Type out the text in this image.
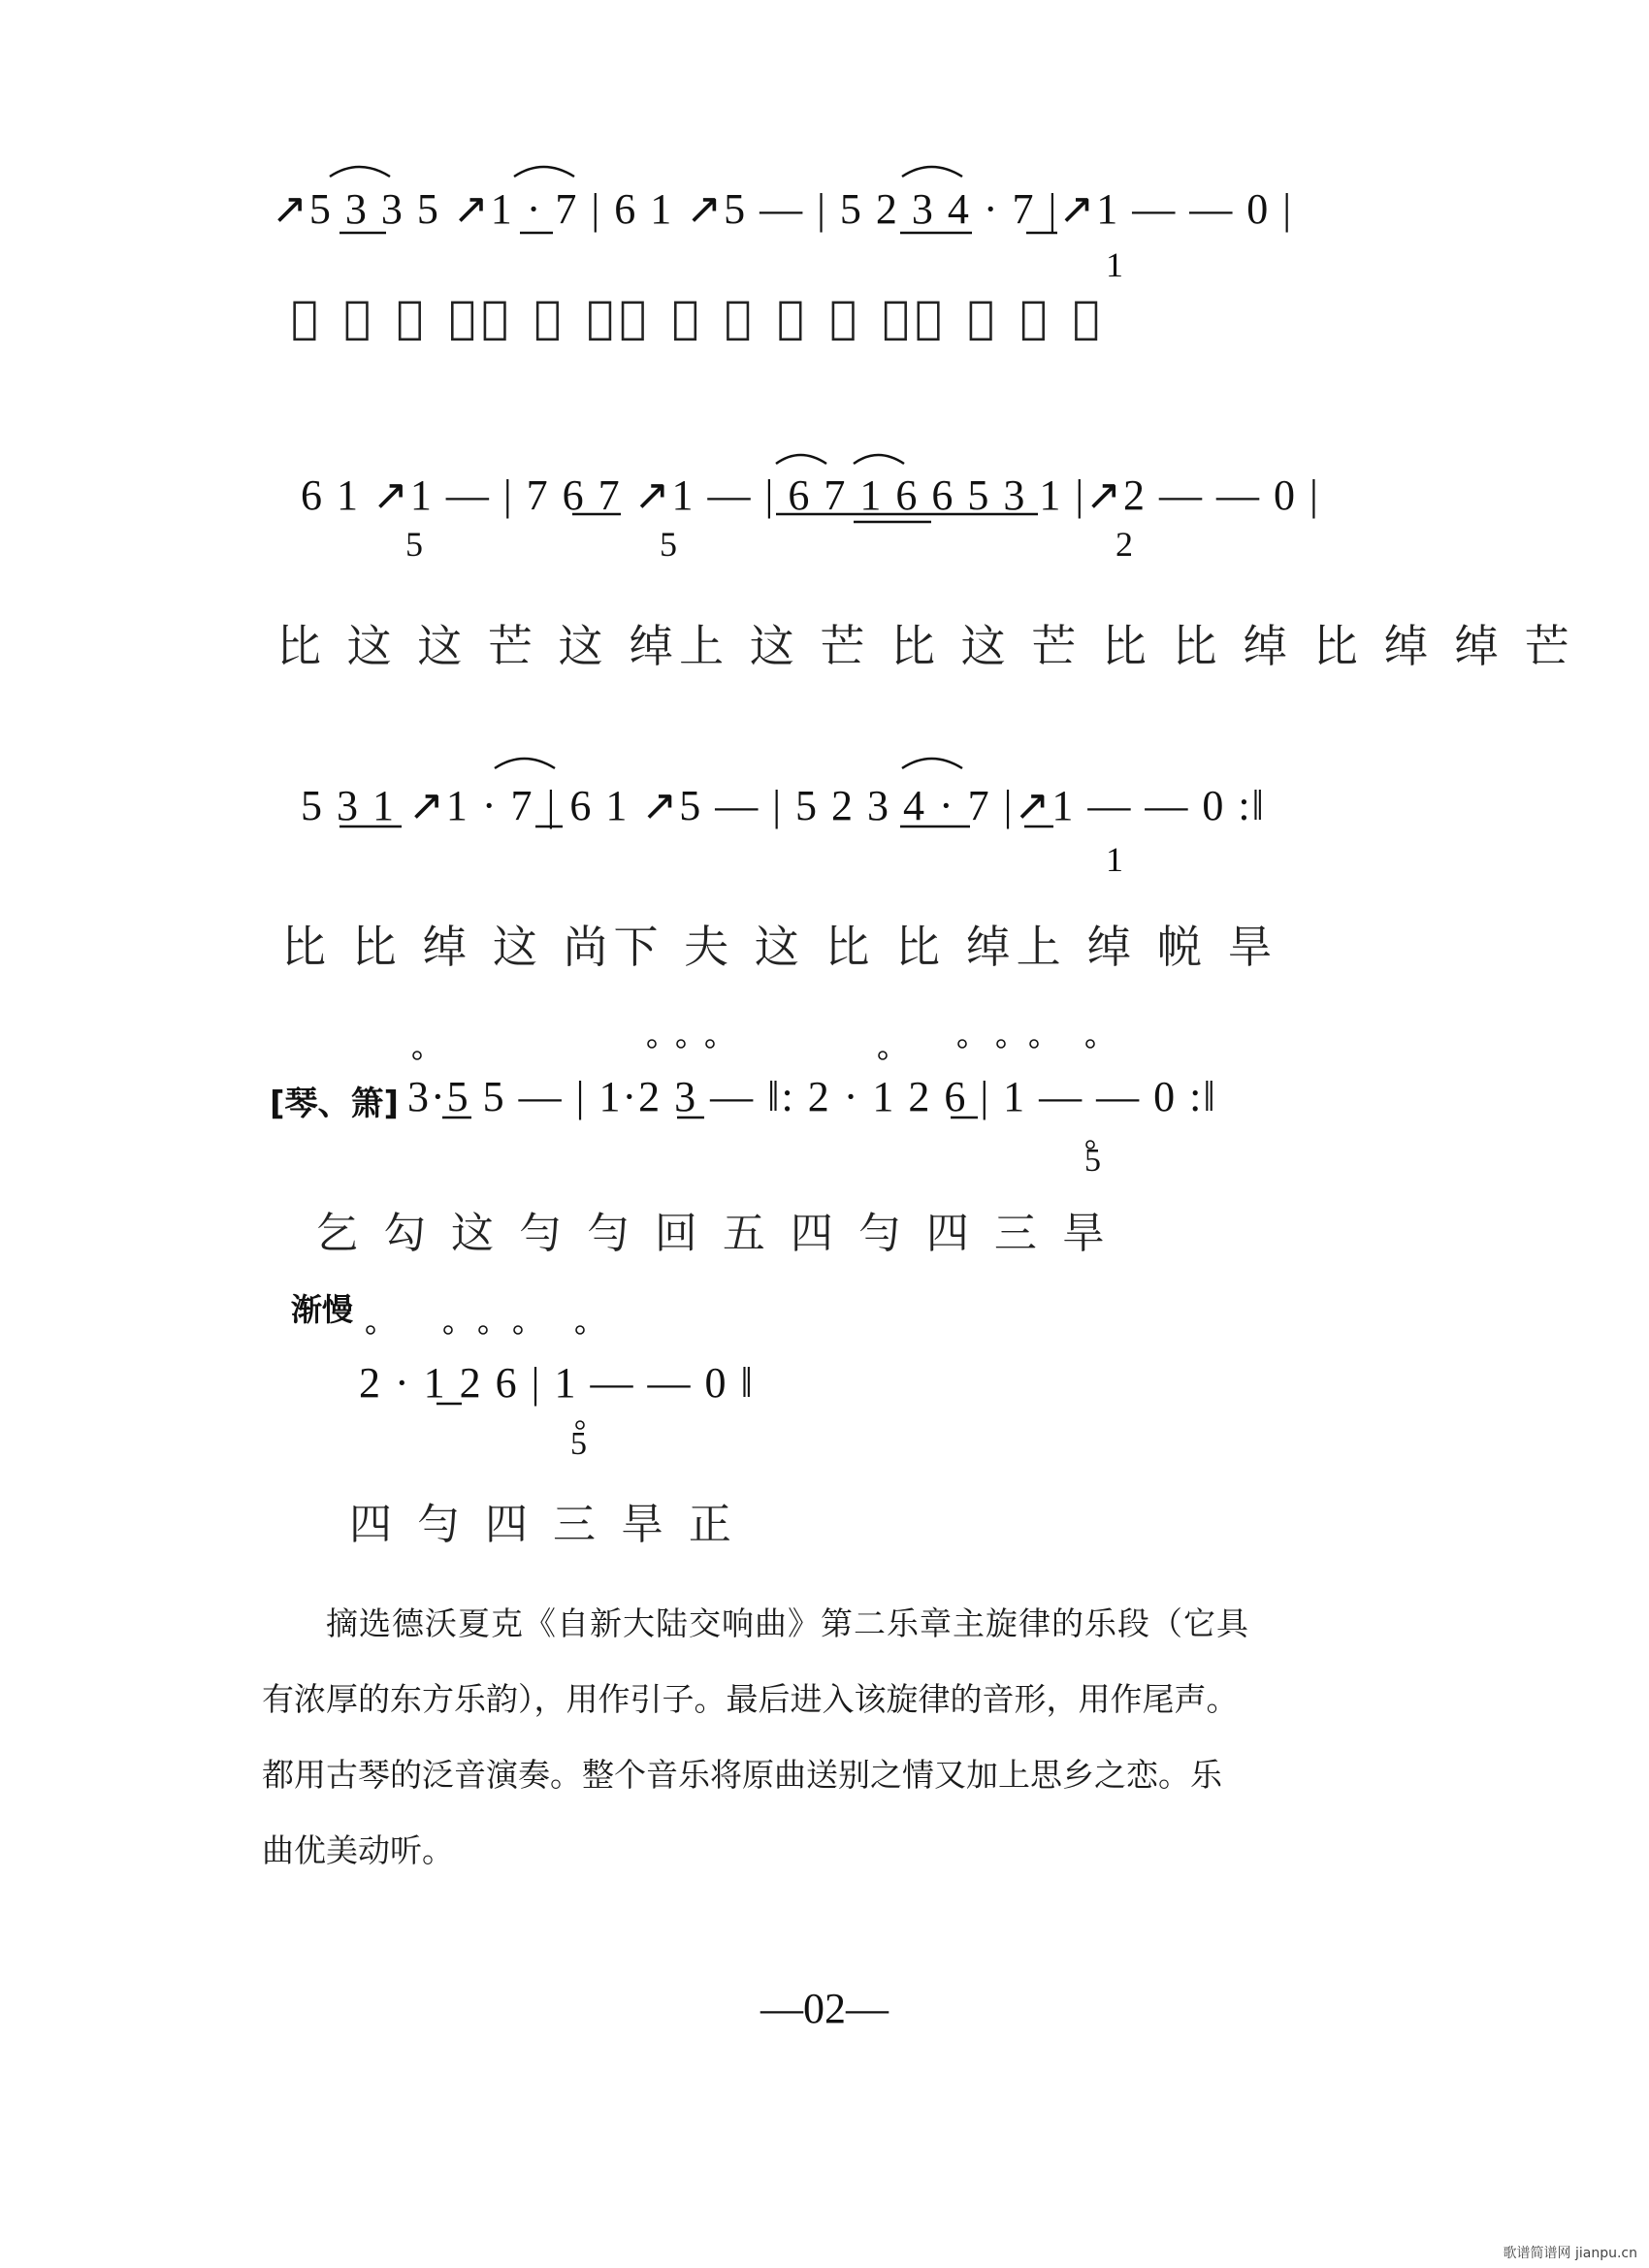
↗5 3 3 5 ↗1 · 7 | 6 1 ↗5 — | 5 2 3 4 · 7 |↗1 — — 0 |
1
𰀀 猱 勾 上七 这 尚下 夫 这 比 比 绰上 绰 帨 旱
6 1 ↗1 — | 7 6 7 ↗1 — | 6 7 1 6 6 5 3 1 |↗2 — — 0 |
5	5	2
比 这 这 芒 这 绰上 这 芒 比 这 芒 比 比 绰 比 绰 绰 芒
5 3 1 ↗1 · 7 | 6 1 ↗5 — | 5 2 3 4 · 7 |↗1 — — 0 :‖
1
比 比 绰 这 尚下 夫 这 比 比 绰上 绰 帨 旱
[琴、箫] 3·5 5 — | 1·2 3 — ‖: 2 · 1 2 6 | 1 — — 0 :‖
5
乞 勾 这 勻 勻 回 五 四 勻 四 三 旱
渐慢
2 · 1 2 6 | 1 — — 0 ‖
5
四 勻 四 三 旱 正

摘选德沃夏克《自新大陆交响曲》第二乐章主旋律的乐段（它具

有浓厚的东方乐韵），用作引子。最后进入该旋律的音形，用作尾声。

都用古琴的泛音演奏。整个音乐将原曲送别之情又加上思乡之恋。乐

曲优美动听。

—02—
歌谱简谱网 jianpu.cn
